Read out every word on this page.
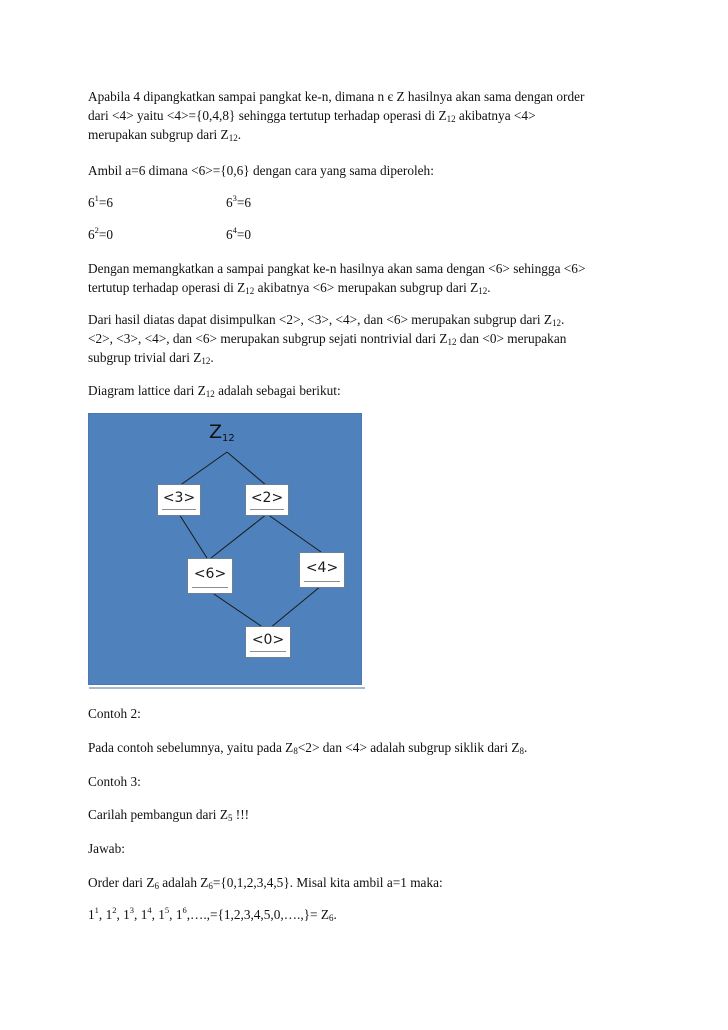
Apabila 4 dipangkatkan sampai pangkat ke-n, dimana n є Z hasilnya akan sama dengan order
dari <4> yaitu <4>={0,4,8} sehingga tertutup terhadap operasi di $Z_{12}$ akibatnya <4>
merupakan subgrup dari $Z_{12}$.
Ambil a=6 dimana <6>={0,6} dengan cara yang sama diperoleh:
$6^1=6$	$6^3=6$
$6^2=0$	$6^4=0$
Dengan memangkatkan a sampai pangkat ke-n hasilnya akan sama dengan <6> sehingga <6>
tertutup terhadap operasi di $Z_{12}$ akibatnya <6> merupakan subgrup dari $Z_{12}$.
Dari hasil diatas dapat disimpulkan <2>, <3>, <4>, dan <6> merupakan subgrup dari $Z_{12}$.
<2>, <3>, <4>, dan <6> merupakan subgrup sejati nontrivial dari $Z_{12}$ dan <0> merupakan
subgrup trivial dari $Z_{12}$.
Diagram lattice dari $Z_{12}$ adalah sebagai berikut:
$Z_{12}$
<3>	<2>
<6>	<4>
<0>
Contoh 2:
Pada contoh sebelumnya, yaitu pada $Z_8<2>$ dan <4> adalah subgrup siklik dari $Z_8$.
Contoh 3:
Carilah pembangun dari $Z_5$ !!!
Jawab:
Order dari $Z_6$ adalah $Z_6=\{0,1,2,3,4,5\}$. Misal kita ambil a=1 maka:
$1^1$, $1^2$, $1^3$, $1^4$, $1^5$, $1^6,\dots.,=\{1,2,3,4,5,0,\dots.,\}= Z_6$.
